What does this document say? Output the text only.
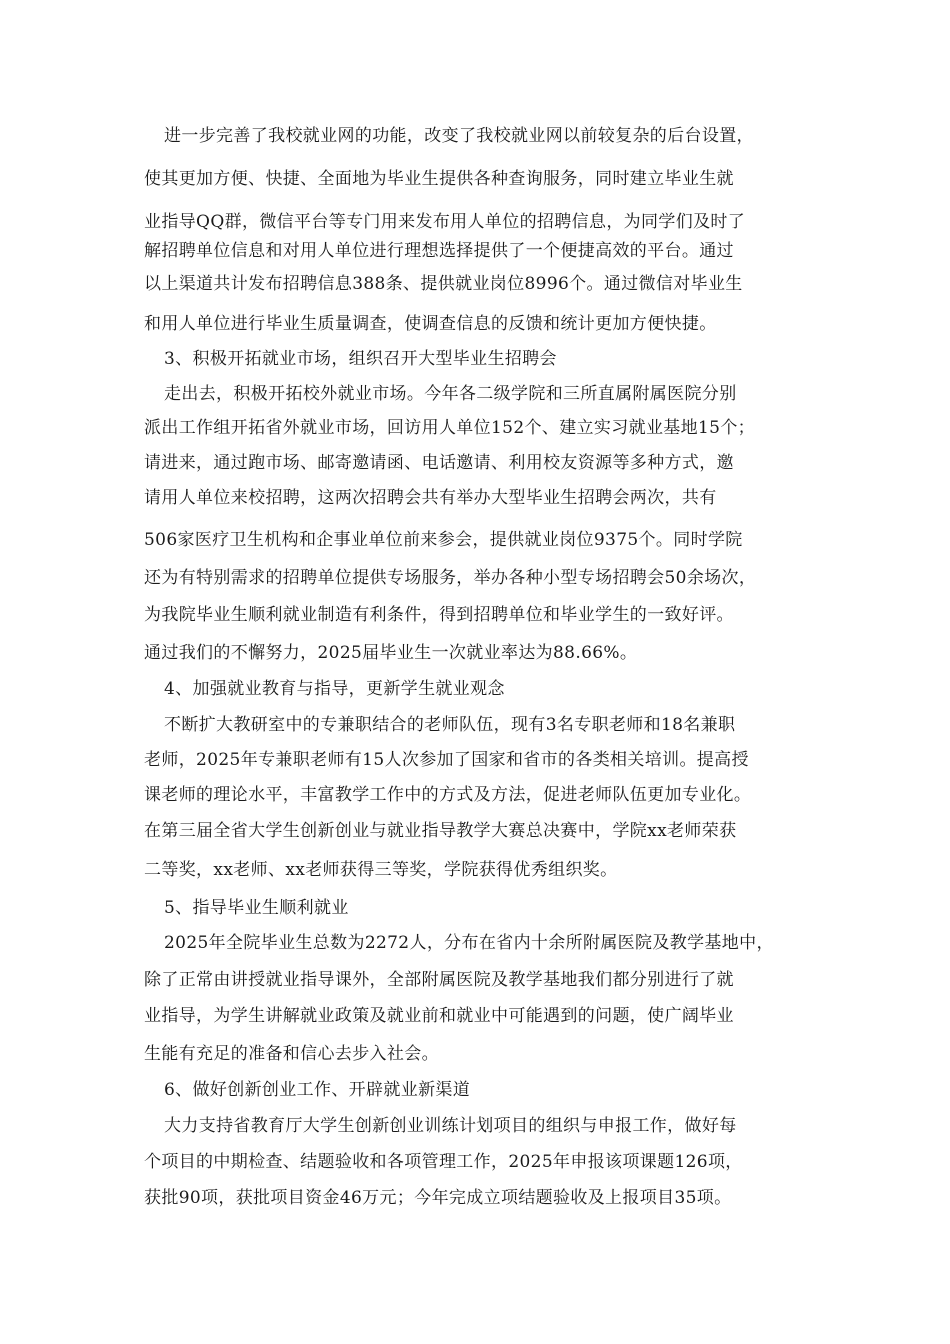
进一步完善了我校就业网的功能，改变了我校就业网以前较复杂的后台设置，
使其更加方便、快捷、全面地为毕业生提供各种查询服务，同时建立毕业生就
业指导QQ群，微信平台等专门用来发布用人单位的招聘信息，为同学们及时了
解招聘单位信息和对用人单位进行理想选择提供了一个便捷高效的平台。通过
以上渠道共计发布招聘信息388条、提供就业岗位8996个。通过微信对毕业生
和用人单位进行毕业生质量调查，使调查信息的反馈和统计更加方便快捷。
3、积极开拓就业市场，组织召开大型毕业生招聘会
走出去，积极开拓校外就业市场。今年各二级学院和三所直属附属医院分别
派出工作组开拓省外就业市场，回访用人单位152个、建立实习就业基地15个；
请进来，通过跑市场、邮寄邀请函、电话邀请、利用校友资源等多种方式，邀
请用人单位来校招聘，这两次招聘会共有举办大型毕业生招聘会两次，共有
506家医疗卫生机构和企事业单位前来参会，提供就业岗位9375个。同时学院
还为有特别需求的招聘单位提供专场服务，举办各种小型专场招聘会50余场次，
为我院毕业生顺利就业制造有利条件，得到招聘单位和毕业学生的一致好评。
通过我们的不懈努力，2025届毕业生一次就业率达为88.66%。
4、加强就业教育与指导，更新学生就业观念
不断扩大教研室中的专兼职结合的老师队伍，现有3名专职老师和18名兼职
老师，2025年专兼职老师有15人次参加了国家和省市的各类相关培训。提高授
课老师的理论水平，丰富教学工作中的方式及方法，促进老师队伍更加专业化。
在第三届全省大学生创新创业与就业指导教学大赛总决赛中，学院xx老师荣获
二等奖，xx老师、xx老师获得三等奖，学院获得优秀组织奖。
5、指导毕业生顺利就业
2025年全院毕业生总数为2272人，分布在省内十余所附属医院及教学基地中，
除了正常由讲授就业指导课外，全部附属医院及教学基地我们都分别进行了就
业指导，为学生讲解就业政策及就业前和就业中可能遇到的问题，使广阔毕业
生能有充足的准备和信心去步入社会。
6、做好创新创业工作、开辟就业新渠道
大力支持省教育厅大学生创新创业训练计划项目的组织与申报工作，做好每
个项目的中期检查、结题验收和各项管理工作，2025年申报该项课题126项，
获批90项，获批项目资金46万元；今年完成立项结题验收及上报项目35项。
